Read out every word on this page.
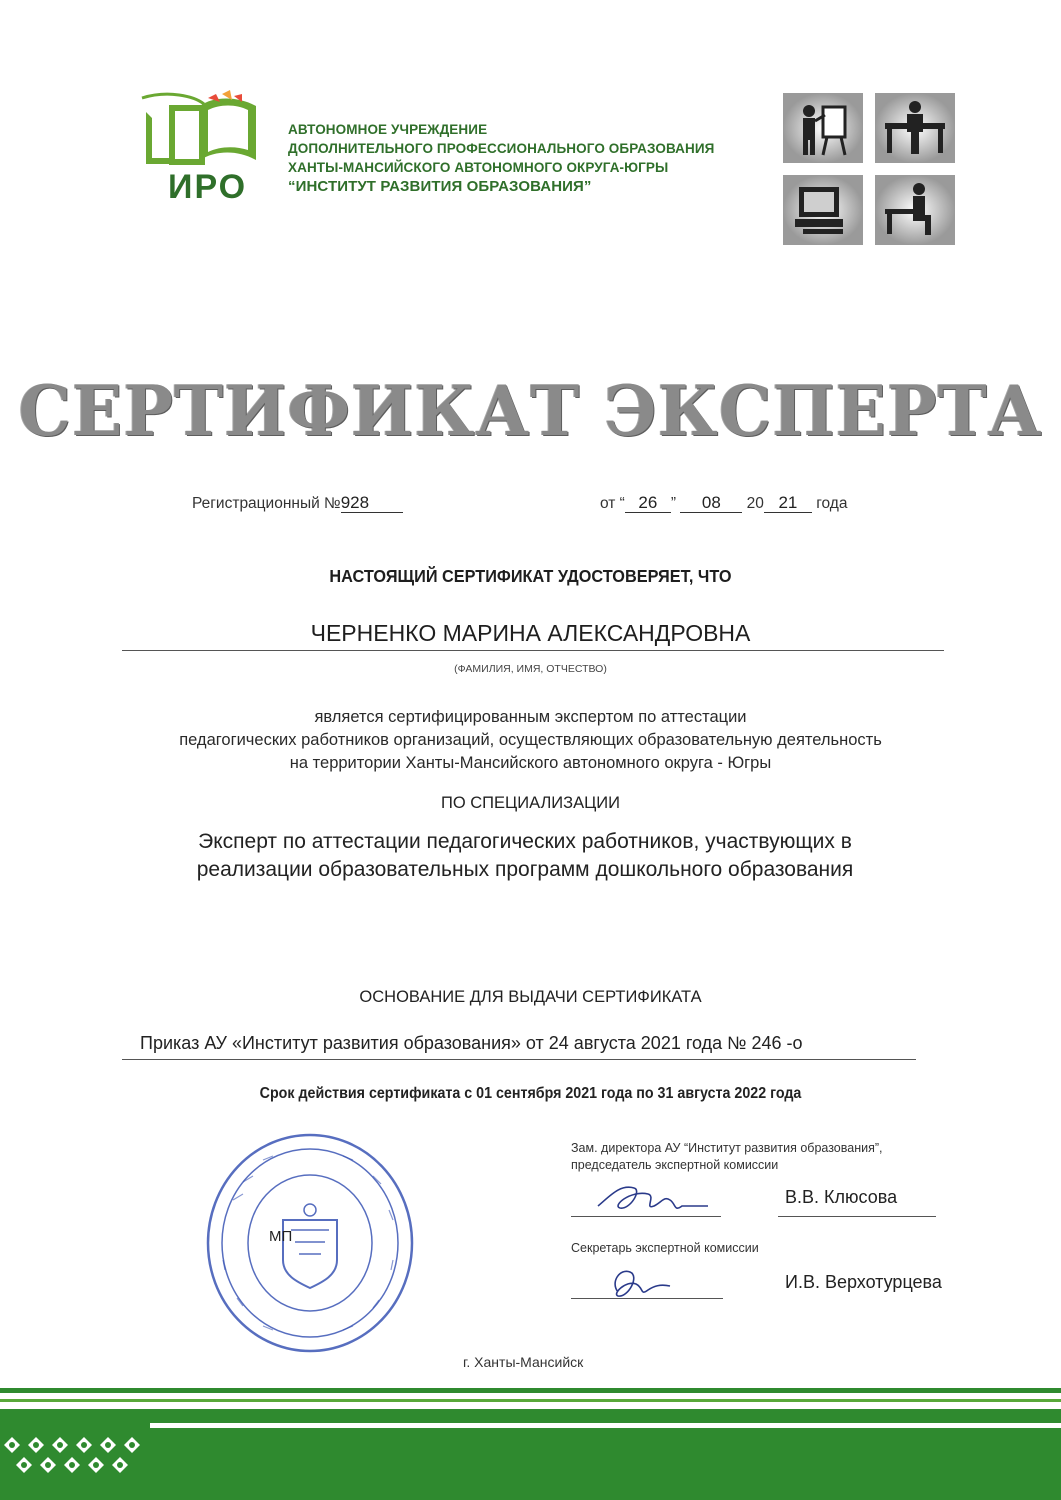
ИРО
АВТОНОМНОЕ УЧРЕЖДЕНИЕ
ДОПОЛНИТЕЛЬНОГО ПРОФЕССИОНАЛЬНОГО ОБРАЗОВАНИЯ
ХАНТЫ-МАНСИЙСКОГО АВТОНОМНОГО ОКРУГА-ЮГРЫ
“ИНСТИТУТ РАЗВИТИЯ ОБРАЗОВАНИЯ”
СЕРТИФИКАТ ЭКСПЕРТА
Регистрационный №928	от “ 26 ” 08 20 21 года
НАСТОЯЩИЙ СЕРТИФИКАТ УДОСТОВЕРЯЕТ, ЧТО
ЧЕРНЕНКО МАРИНА АЛЕКСАНДРОВНА
(ФАМИЛИЯ, ИМЯ, ОТЧЕСТВО)
является сертифицированным экспертом по аттестации
педагогических работников организаций, осуществляющих образовательную деятельность
на территории Ханты-Мансийского автономного округа - Югры
ПО СПЕЦИАЛИЗАЦИИ
Эксперт по аттестации педагогических работников, участвующих в
реализации образовательных программ дошкольного образования
ОСНОВАНИЕ ДЛЯ ВЫДАЧИ СЕРТИФИКАТА
Приказ АУ «Институт развития образования» от 24 августа 2021 года № 246 -о
Срок действия сертификата с 01 сентября 2021 года по 31 августа 2022 года
МП
Зам. директора АУ “Институт развития образования”,
председатель экспертной комиссии
В.В. Клюсова
Секретарь экспертной комиссии
И.В. Верхотурцева
г. Ханты-Мансийск
